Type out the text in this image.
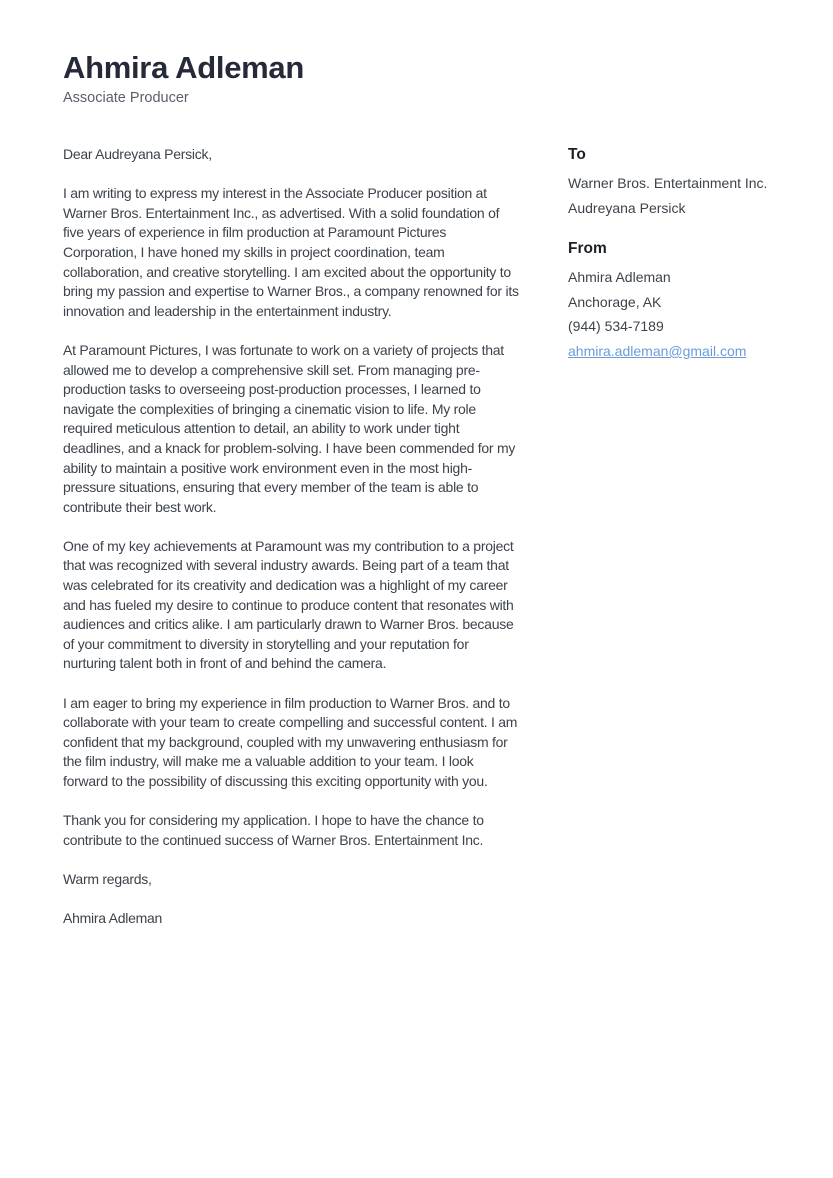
Ahmira Adleman
Associate Producer

Dear Audreyana Persick,

I am writing to express my interest in the Associate Producer position at Warner Bros. Entertainment Inc., as advertised. With a solid foundation of five years of experience in film production at Paramount Pictures Corporation, I have honed my skills in project coordination, team collaboration, and creative storytelling. I am excited about the opportunity to bring my passion and expertise to Warner Bros., a company renowned for its innovation and leadership in the entertainment industry.

At Paramount Pictures, I was fortunate to work on a variety of projects that allowed me to develop a comprehensive skill set. From managing pre-production tasks to overseeing post-production processes, I learned to navigate the complexities of bringing a cinematic vision to life. My role required meticulous attention to detail, an ability to work under tight deadlines, and a knack for problem-solving. I have been commended for my ability to maintain a positive work environment even in the most high-pressure situations, ensuring that every member of the team is able to contribute their best work.

One of my key achievements at Paramount was my contribution to a project that was recognized with several industry awards. Being part of a team that was celebrated for its creativity and dedication was a highlight of my career and has fueled my desire to continue to produce content that resonates with audiences and critics alike. I am particularly drawn to Warner Bros. because of your commitment to diversity in storytelling and your reputation for nurturing talent both in front of and behind the camera.

I am eager to bring my experience in film production to Warner Bros. and to collaborate with your team to create compelling and successful content. I am confident that my background, coupled with my unwavering enthusiasm for the film industry, will make me a valuable addition to your team. I look forward to the possibility of discussing this exciting opportunity with you.

Thank you for considering my application. I hope to have the chance to contribute to the continued success of Warner Bros. Entertainment Inc.

Warm regards,

Ahmira Adleman

To
Warner Bros. Entertainment Inc.
Audreyana Persick
From
Ahmira Adleman
Anchorage, AK
(944) 534-7189
ahmira.adleman@gmail.com
